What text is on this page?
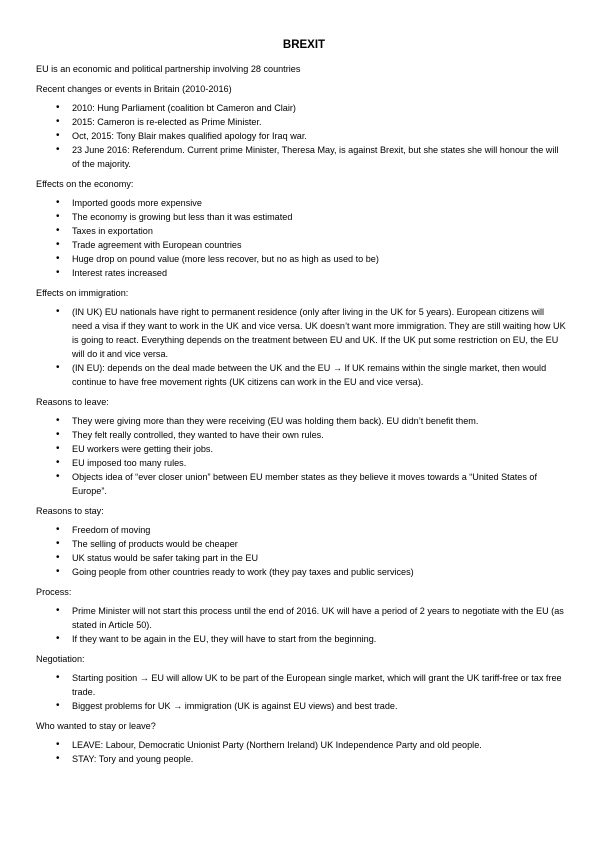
BREXIT
EU is an economic and political partnership involving 28 countries
Recent changes or events in Britain (2010-2016)
• 2010: Hung Parliament (coalition bt Cameron and Clair)
• 2015: Cameron is re-elected as Prime Minister.
• Oct, 2015: Tony Blair makes qualified apology for Iraq war.
• 23 June 2016: Referendum. Current prime Minister, Theresa May, is against Brexit, but she states she will honour the will of the majority.
Effects on the economy:
• Imported goods more expensive
• The economy is growing but less than it was estimated
• Taxes in exportation
• Trade agreement with European countries
• Huge drop on pound value (more less recover, but no as high as used to be)
• Interest rates increased
Effects on immigration:
• (IN UK) EU nationals have right to permanent residence (only after living in the UK for 5 years). European citizens will need a visa if they want to work in the UK and vice versa. UK doesn’t want more immigration. They are still waiting how UK is going to react. Everything depends on the treatment between EU and UK. If the UK put some restriction on EU, the EU will do it and vice versa.
• (IN EU): depends on the deal made between the UK and the EU → If UK remains within the single market, then would continue to have free movement rights (UK citizens can work in the EU and vice versa).
Reasons to leave:
• They were giving more than they were receiving (EU was holding them back). EU didn’t benefit them.
• They felt really controlled, they wanted to have their own rules.
• EU workers were getting their jobs.
• EU imposed too many rules.
• Objects idea of “ever closer union” between EU member states as they believe it moves towards a “United States of Europe”.
Reasons to stay:
• Freedom of moving
• The selling of products would be cheaper
• UK status would be safer taking part in the EU
• Going people from other countries ready to work (they pay taxes and public services)
Process:
• Prime Minister will not start this process until the end of 2016. UK will have a period of 2 years to negotiate with the EU (as stated in Article 50).
• If they want to be again in the EU, they will have to start from the beginning.
Negotiation:
• Starting position → EU will allow UK to be part of the European single market, which will grant the UK tariff-free or tax free trade.
• Biggest problems for UK → immigration (UK is against EU views) and best trade.
Who wanted to stay or leave?
• LEAVE: Labour, Democratic Unionist Party (Northern Ireland) UK Independence Party and old people.
• STAY: Tory and young people.
